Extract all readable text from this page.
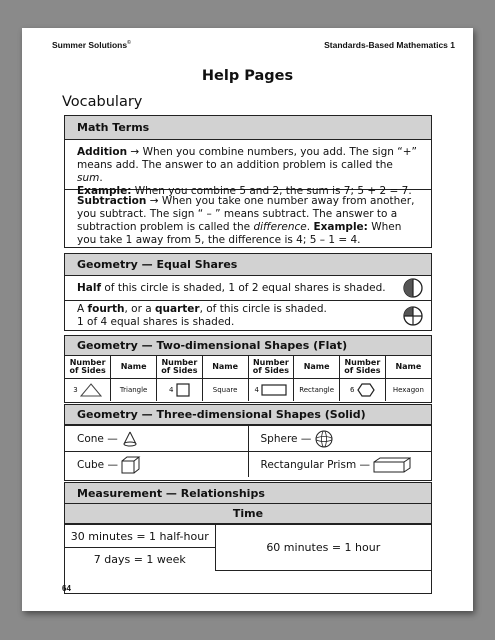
Summer Solutions©	Standards-Based Mathematics 1
Help Pages
Vocabulary
Math Terms
Addition → When you combine numbers, you add. The sign “+” means add. The answer to an addition problem is called the sum.
Example: When you combine 5 and 2, the sum is 7; 5 + 2 = 7.
Subtraction → When you take one number away from another, you subtract. The sign “ – ” means subtract. The answer to a subtraction problem is called the difference. Example: When you take 1 away from 5, the difference is 4; 5 – 1 = 4.
Geometry — Equal Shares
Half of this circle is shaded, 1 of 2 equal shares is shaded.
A fourth, or a quarter, of this circle is shaded.
1 of 4 equal shares is shaded.
Geometry — Two-dimensional Shapes (Flat)
Number of Sides	Name	Number of Sides	Name	Number of Sides	Name	Number of Sides	Name
3	Triangle	4	Square	4	Rectangle	6	Hexagon
Geometry — Three-dimensional Shapes (Solid)
Cone —	Sphere —
Cube —	Rectangular Prism —
Measurement — Relationships
Time
30 minutes = 1 half-hour	60 minutes = 1 hour
7 days = 1 week
64
